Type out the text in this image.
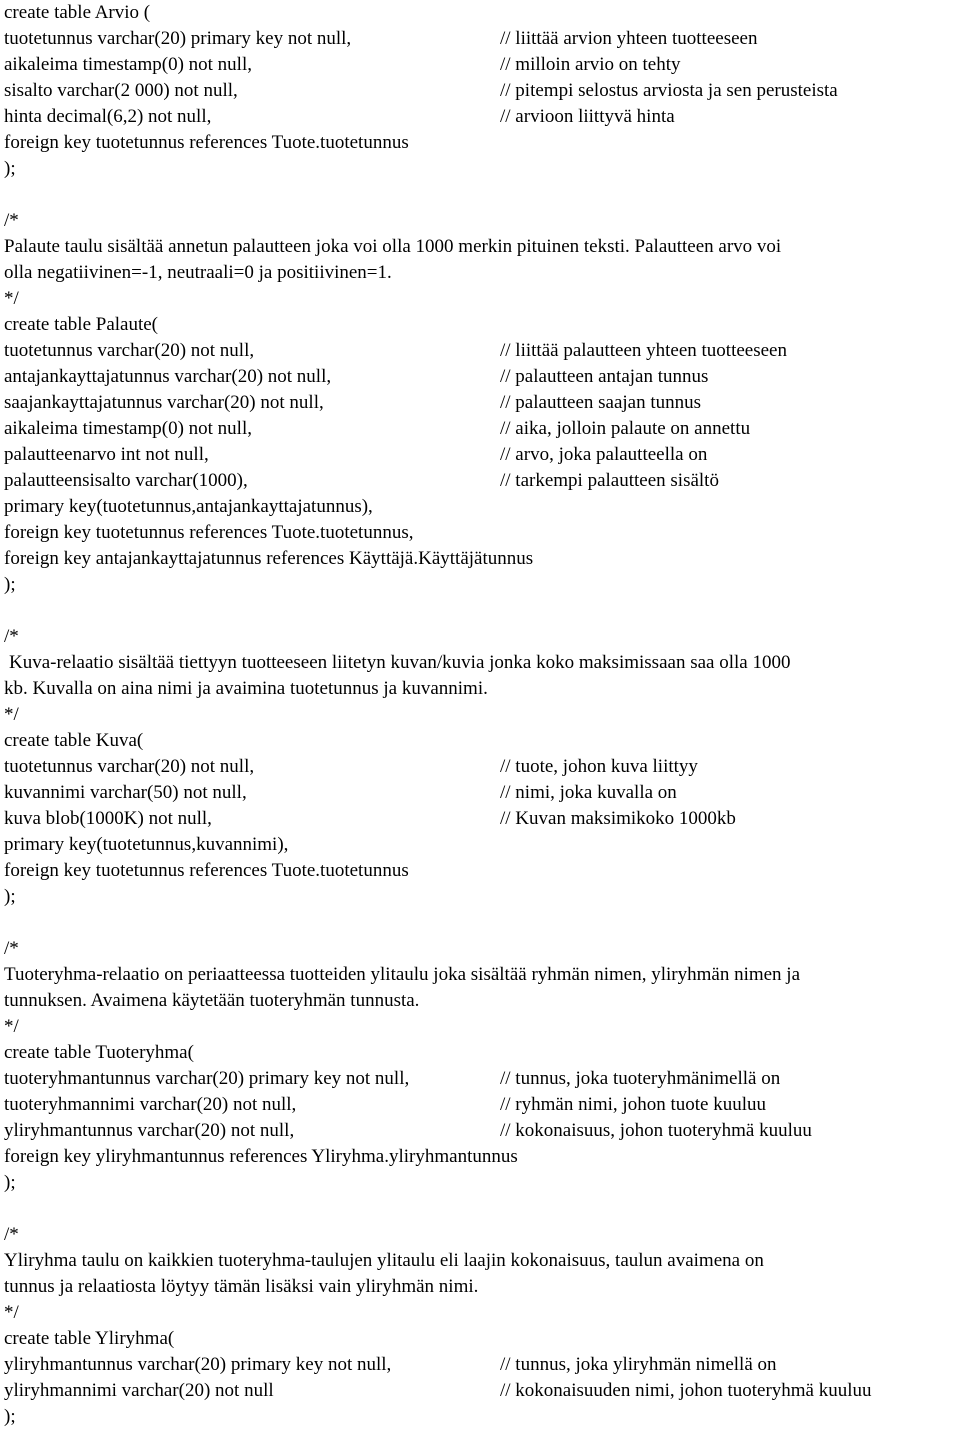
create table Arvio (
tuotetunnus varchar(20) primary key not null,	// liittää arvion yhteen tuotteeseen
aikaleima timestamp(0) not null,	// milloin arvio on tehty
sisalto varchar(2 000) not null,	// pitempi selostus arviosta ja sen perusteista
hinta decimal(6,2) not null,	// arvioon liittyvä hinta
foreign key tuotetunnus references Tuote.tuotetunnus
);
/*
Palaute taulu sisältää annetun palautteen joka voi olla 1000 merkin pituinen teksti. Palautteen arvo voi
olla negatiivinen=-1, neutraali=0 ja positiivinen=1.
*/
create table Palaute(
tuotetunnus varchar(20) not null,	// liittää palautteen yhteen tuotteeseen
antajankayttajatunnus varchar(20) not null,	// palautteen antajan tunnus
saajankayttajatunnus varchar(20) not null,	// palautteen saajan tunnus
aikaleima timestamp(0) not null,	// aika, jolloin palaute on annettu
palautteenarvo int not null,	// arvo, joka palautteella on
palautteensisalto varchar(1000),	// tarkempi palautteen sisältö
primary key(tuotetunnus,antajankayttajatunnus),
foreign key tuotetunnus references Tuote.tuotetunnus,
foreign key antajankayttajatunnus references Käyttäjä.Käyttäjätunnus
);
/*
Kuva-relaatio sisältää tiettyyn tuotteeseen liitetyn kuvan/kuvia jonka koko maksimissaan saa olla 1000
kb. Kuvalla on aina nimi ja avaimina tuotetunnus ja kuvannimi.
*/
create table Kuva(
tuotetunnus varchar(20) not null,	// tuote, johon kuva liittyy
kuvannimi varchar(50) not null,	// nimi, joka kuvalla on
kuva blob(1000K) not null,	// Kuvan maksimikoko 1000kb
primary key(tuotetunnus,kuvannimi),
foreign key tuotetunnus references Tuote.tuotetunnus
);
/*
Tuoteryhma-relaatio on periaatteessa tuotteiden ylitaulu joka sisältää ryhmän nimen, yliryhmän nimen ja
tunnuksen. Avaimena käytetään tuoteryhmän tunnusta.
*/
create table Tuoteryhma(
tuoteryhmantunnus varchar(20) primary key not null,	// tunnus, joka tuoteryhmänimellä on
tuoteryhmannimi varchar(20) not null,	// ryhmän nimi, johon tuote kuuluu
yliryhmantunnus varchar(20) not null,	// kokonaisuus, johon tuoteryhmä kuuluu
foreign key yliryhmantunnus references Yliryhma.yliryhmantunnus
);
/*
Yliryhma taulu on kaikkien tuoteryhma-taulujen ylitaulu eli laajin kokonaisuus, taulun avaimena on
tunnus ja relaatiosta löytyy tämän lisäksi vain yliryhmän nimi.
*/
create table Yliryhma(
yliryhmantunnus varchar(20) primary key not null,	// tunnus, joka yliryhmän nimellä on
yliryhmannimi varchar(20) not null	// kokonaisuuden nimi, johon tuoteryhmä kuuluu
);
